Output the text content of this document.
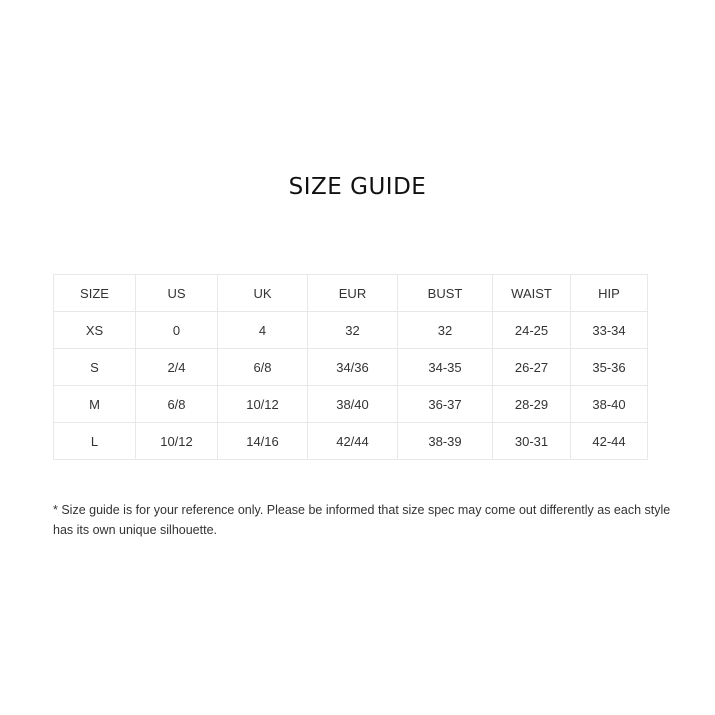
SIZE GUIDE
SIZE	US	UK	EUR	BUST	WAIST	HIP
XS	0	4	32	32	24-25	33-34
S	2/4	6/8	34/36	34-35	26-27	35-36
M	6/8	10/12	38/40	36-37	28-29	38-40
L	10/12	14/16	42/44	38-39	30-31	42-44

* Size guide is for your reference only. Please be informed that size spec may come out differently as each style has its own unique silhouette.
